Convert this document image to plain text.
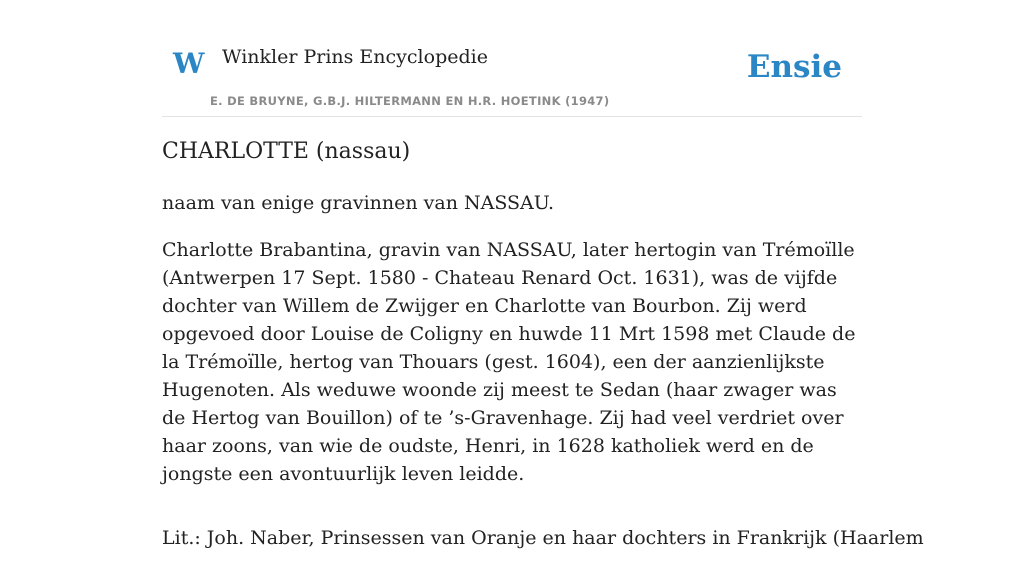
W Winkler Prins Encyclopedie
E. DE BRUYNE, G.B.J. HILTERMANN EN H.R. HOETINK (1947)
Ensie
CHARLOTTE (nassau)

naam van enige gravinnen van NASSAU.

Charlotte Brabantina, gravin van NASSAU, later hertogin van Trémoïlle (Antwerpen 17 Sept. 1580 - Chateau Renard Oct. 1631), was de vijfde dochter van Willem de Zwijger en Charlotte van Bourbon. Zij werd opgevoed door Louise de Coligny en huwde 11 Mrt 1598 met Claude de la Trémoïlle, hertog van Thouars (gest. 1604), een der aanzienlijkste Hugenoten. Als weduwe woonde zij meest te Sedan (haar zwager was de Hertog van Bouillon) of te ’s-Gravenhage. Zij had veel verdriet over haar zoons, van wie de oudste, Henri, in 1628 katholiek werd en de jongste een avontuurlijk leven leidde.

Lit.: Joh. Naber, Prinsessen van Oranje en haar dochters in Frankrijk (Haarlem
